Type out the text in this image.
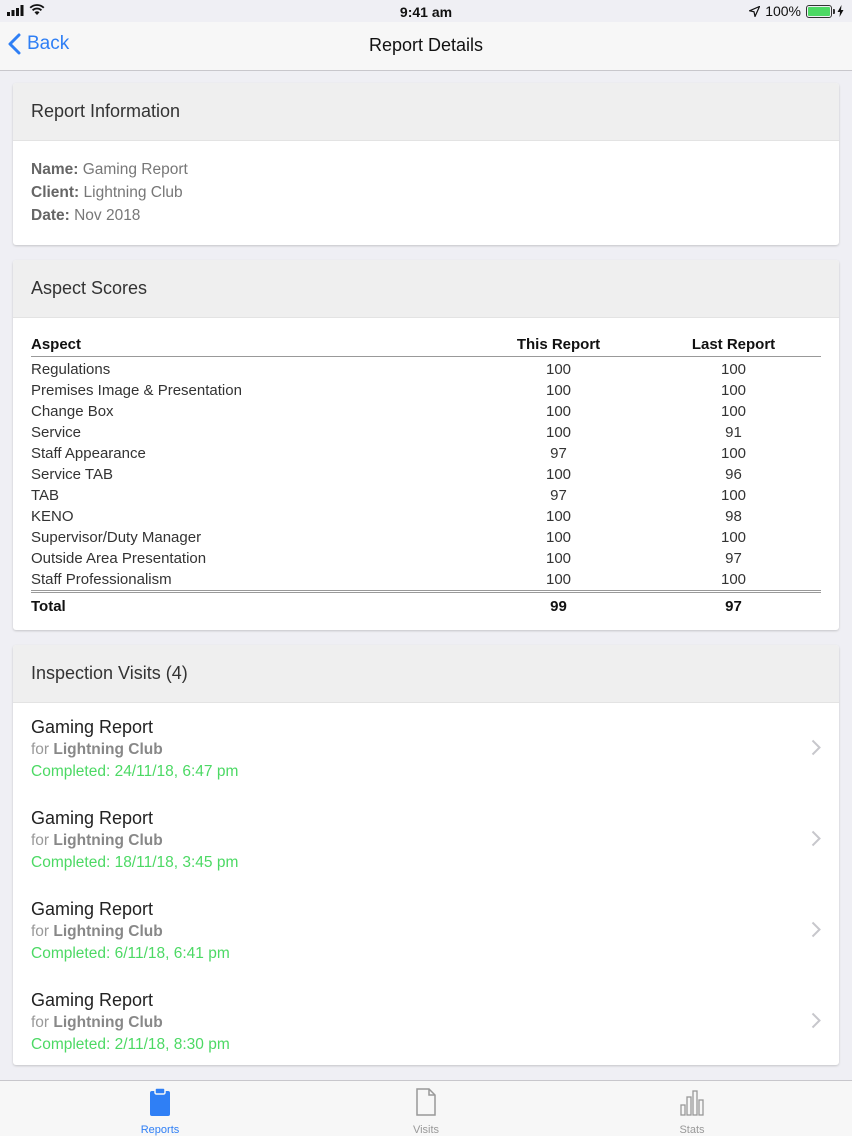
9:41 am	100%
Back	Report Details
Report Information
Name: Gaming Report
Client: Lightning Club
Date: Nov 2018
Aspect Scores
Aspect	This Report	Last Report
Regulations	100	100
Premises Image & Presentation	100	100
Change Box	100	100
Service	100	91
Staff Appearance	97	100
Service TAB	100	96
TAB	97	100
KENO	100	98
Supervisor/Duty Manager	100	100
Outside Area Presentation	100	97
Staff Professionalism	100	100
Total	99	97
Inspection Visits (4)
Gaming Report
for Lightning Club
Completed: 24/11/18, 6:47 pm
Gaming Report
for Lightning Club
Completed: 18/11/18, 3:45 pm
Gaming Report
for Lightning Club
Completed: 6/11/18, 6:41 pm
Gaming Report
for Lightning Club
Completed: 2/11/18, 8:30 pm
Reports	Visits	Stats
